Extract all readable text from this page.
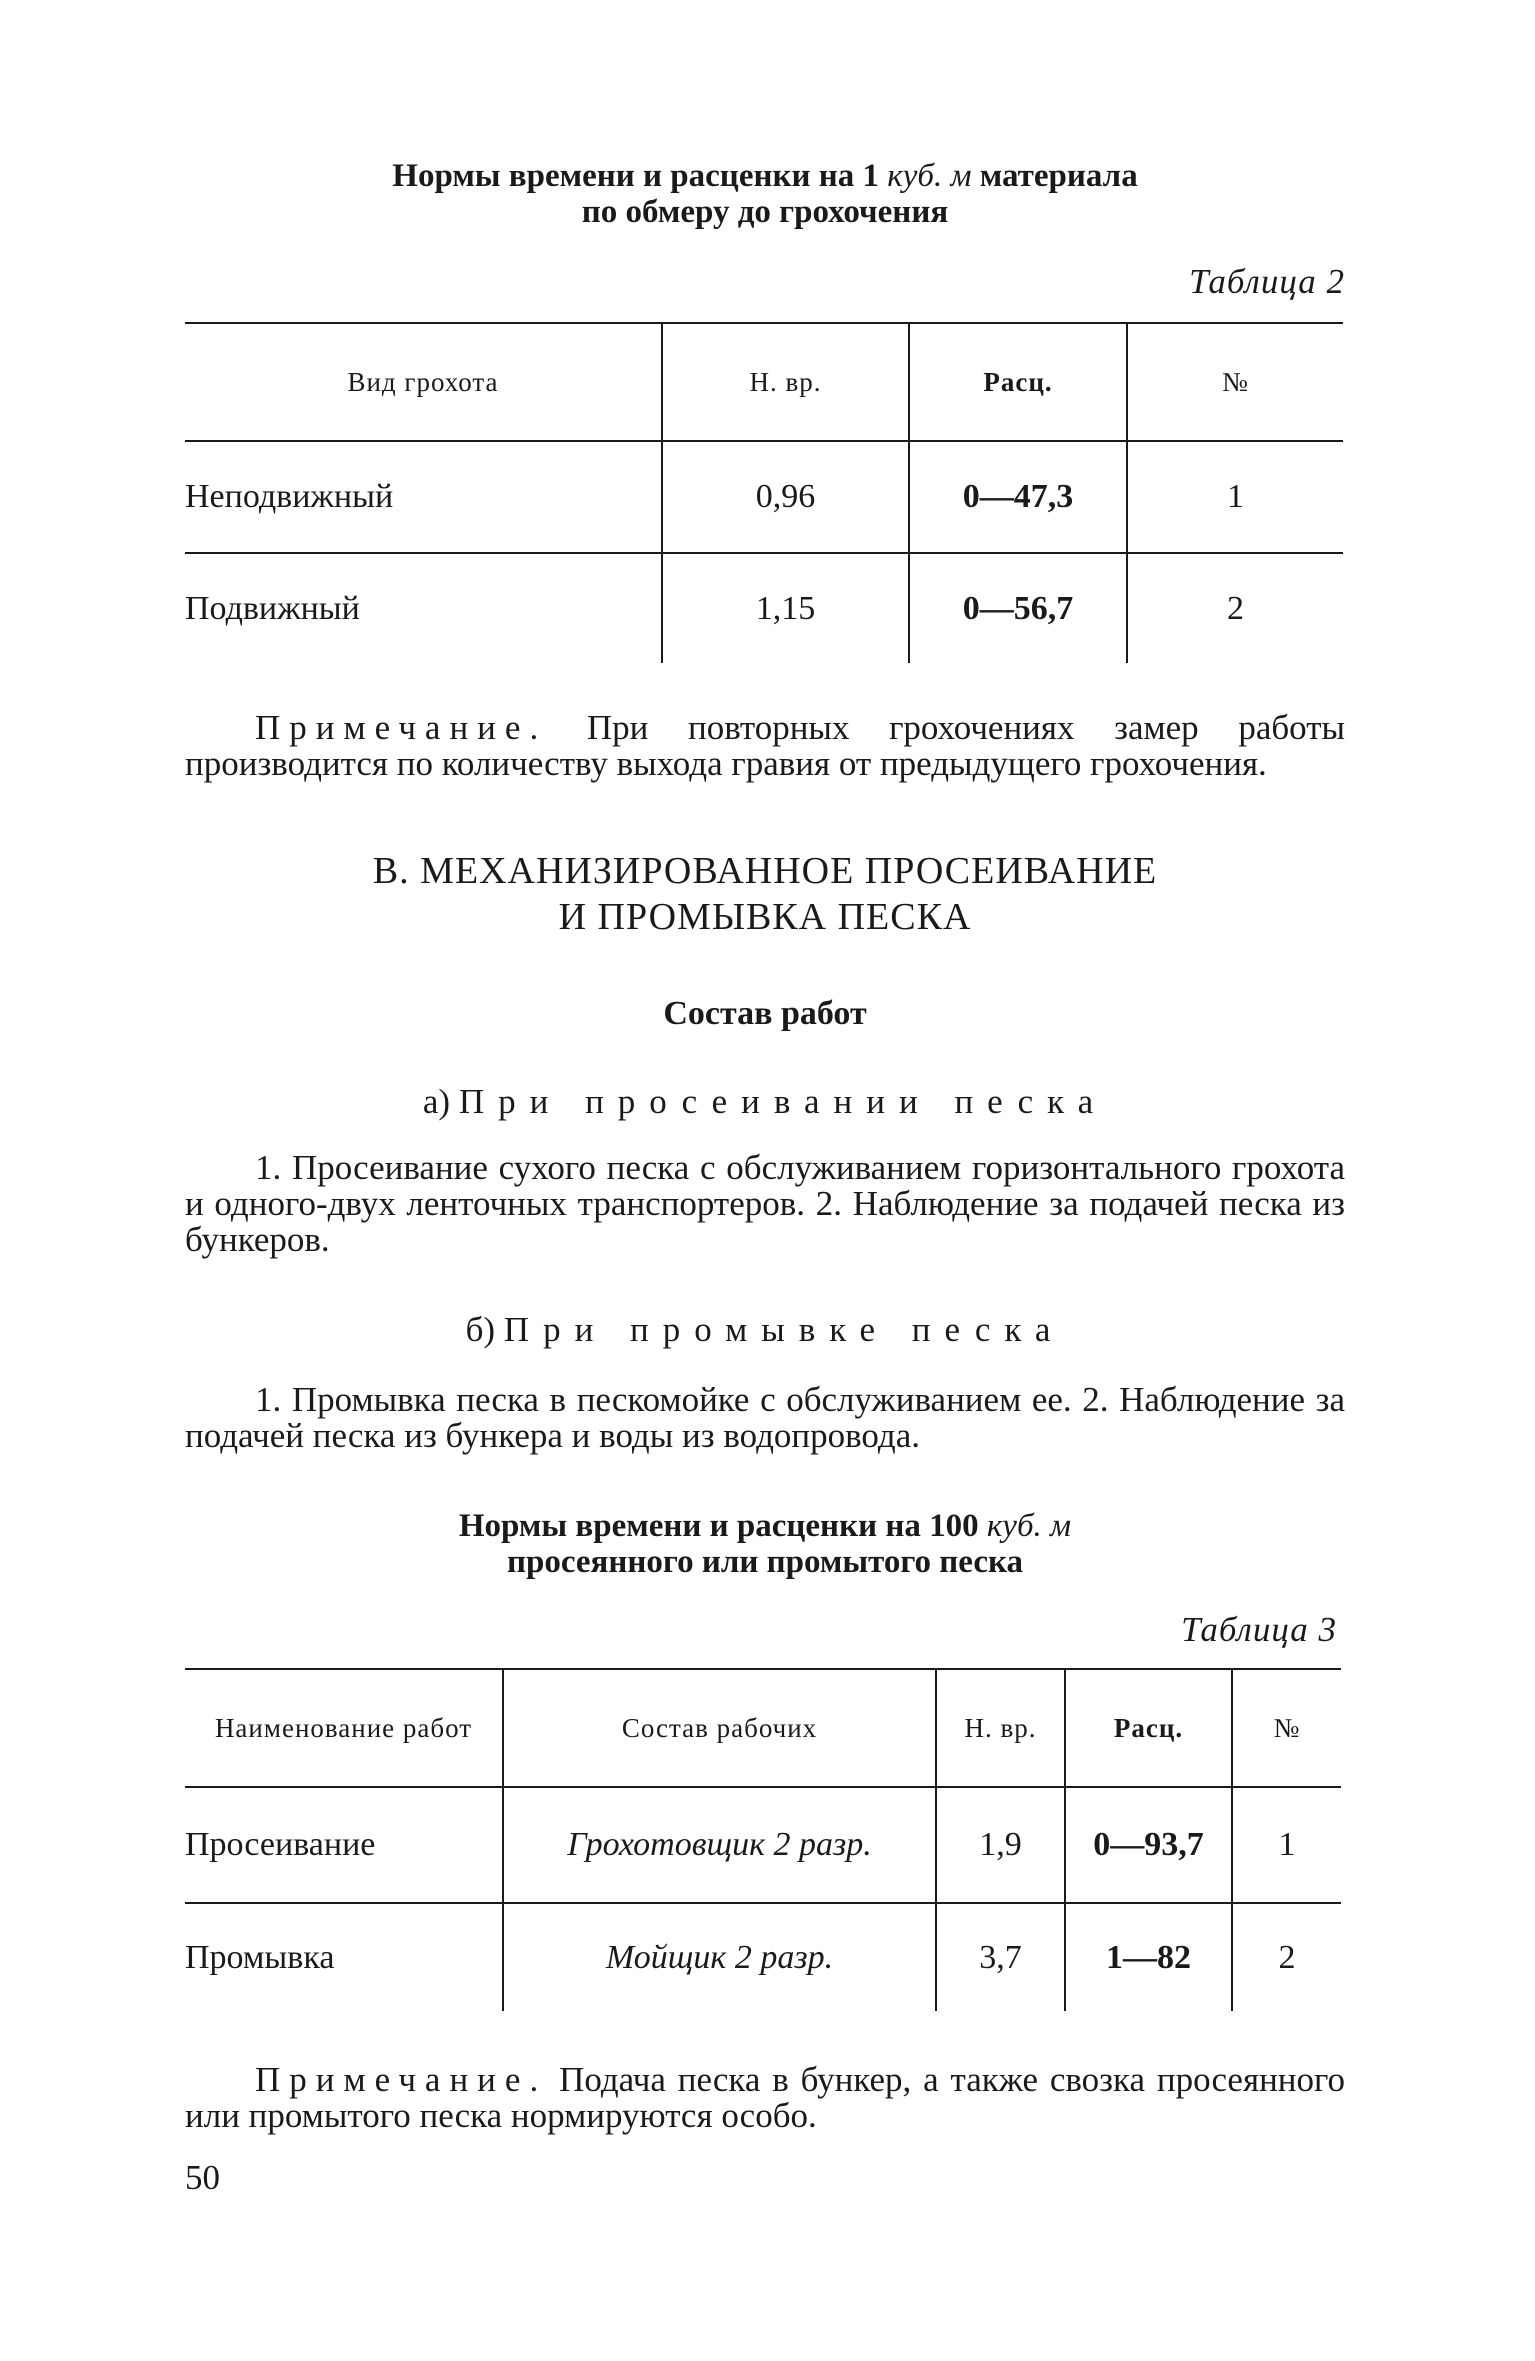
Нормы времени и расценки на 1 куб. м материала
по обмеру до грохочения
Таблица 2
Вид грохота	Н. вр.	Расц.	№
Неподвижный	0,96	0—47,3	1
Подвижный	1,15	0—56,7	2
Примечание. При повторных грохочениях замер работы производится по количеству выхода гравия от предыдущего грохочения.
В. МЕХАНИЗИРОВАННОЕ ПРОСЕИВАНИЕ
И ПРОМЫВКА ПЕСКА
Состав работ
а) При просеивании песка
1. Просеивание сухого песка с обслуживанием горизонтального грохота и одного-двух ленточных транспортеров. 2. Наблюдение за подачей песка из бункеров.
б) При промывке песка
1. Промывка песка в пескомойке с обслуживанием ее. 2. Наблюдение за подачей песка из бункера и воды из водопровода.
Нормы времени и расценки на 100 куб. м
просеянного или промытого песка
Таблица 3
Наименование работ	Состав рабочих	Н. вр.	Расц.	№
Просеивание	Грохотовщик 2 разр.	1,9	0—93,7	1
Промывка	Мойщик 2 разр.	3,7	1—82	2
Примечание. Подача песка в бункер, а также свозка просеянного или промытого песка нормируются особо.
50
